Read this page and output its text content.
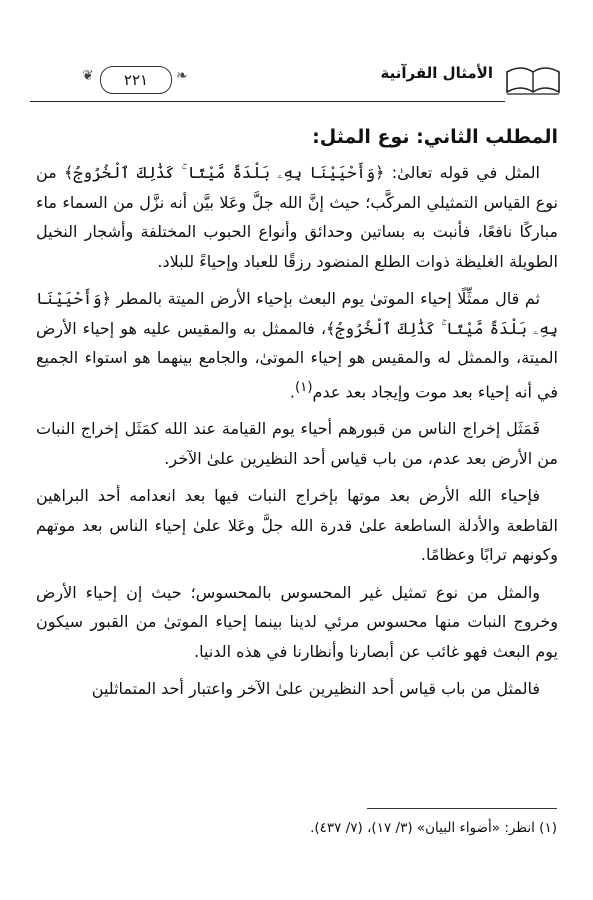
❦	٢٢١	❧	الأمثال القرآنية
المطلب الثاني: نوع المثل:

المثل في قوله تعالىٰ: ﴿وَأَحْيَيْنَا بِهِۦ بَلْدَةً مَّيْتًا ۚ كَذَٰلِكَ ٱلْخُرُوجُ﴾ من نوع القياس التمثيلي المركَّب؛ حيث إنَّ الله جلَّ وعَلا بيَّن أنه نزَّل من السماء ماء مباركًا نافعًا، فأنبت به بساتين وحدائق وأنواع الحبوب المختلفة وأشجار النخيل الطويلة الغليظة ذوات الطلع المنضود رزقًا للعباد وإحياءً للبلاد.

ثم قال ممثِّلًا إحياء الموتىٰ يوم البعث بإحياء الأرض الميتة بالمطر ﴿وَأَحْيَيْنَا بِهِۦ بَلْدَةً مَّيْتًا ۚ كَذَٰلِكَ ٱلْخُرُوجُ﴾، فالممثل به والمقيس عليه هو إحياء الأرض الميتة، والممثل له والمقيس هو إحياء الموتىٰ، والجامع بينهما هو استواء الجميع في أنه إحياء بعد موت وإيجاد بعد عدم$^{(١)}$.

فَمَثَل إخراج الناس من قبورهم أحياء يوم القيامة عند الله كمَثَل إخراج النبات من الأرض بعد عدم، من باب قياس أحد النظيرين علىٰ الآخر.

فإحياء الله الأرض بعد موتها بإخراج النبات فيها بعد انعدامه أحد البراهين القاطعة والأدلة الساطعة علىٰ قدرة الله جلَّ وعَلا علىٰ إحياء الناس بعد موتهم وكونهم ترابًا وعظامًا.

والمثل من نوع تمثيل غير المحسوس بالمحسوس؛ حيث إن إحياء الأرض وخروج النبات منها محسوس مرئي لدينا بينما إحياء الموتىٰ من القبور سيكون يوم البعث فهو غائب عن أبصارنا وأنظارنا في هذه الدنيا.

فالمثل من باب قياس أحد النظيرين علىٰ الآخر واعتبار أحد المتماثلين

(١) انظر: «أضواء البيان» (٣/ ١٧)، (٧/ ٤٣٧).
